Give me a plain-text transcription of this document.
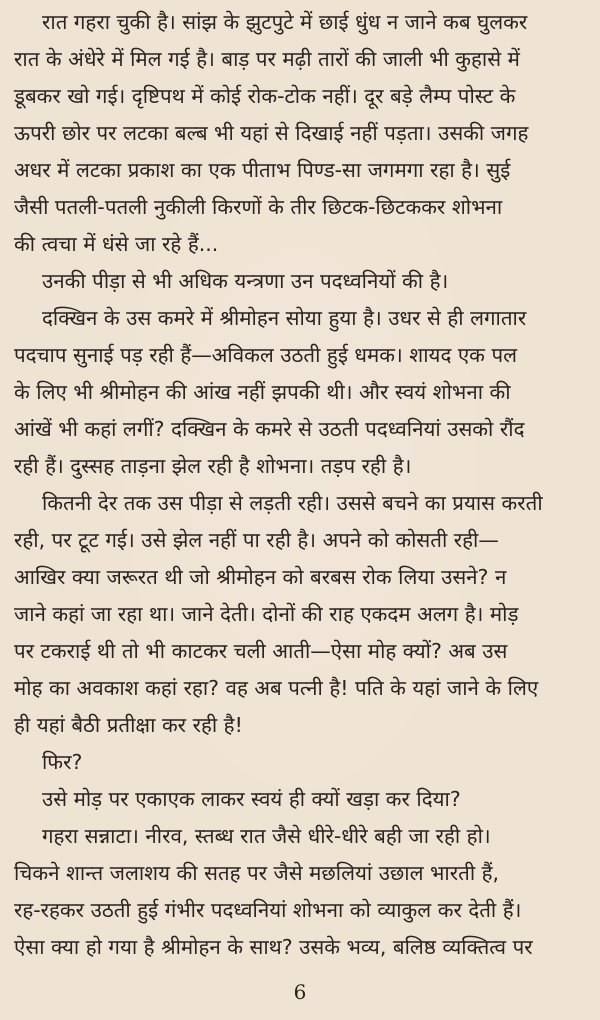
रात गहरा चुकी है। सांझ के झुटपुटे में छाई धुंध न जाने कब घुलकर
रात के अंधेरे में मिल गई है। बाड़ पर मढ़ी तारों की जाली भी कुहासे में
डूबकर खो गई। दृष्टिपथ में कोई रोक-टोक नहीं। दूर बड़े लैम्प पोस्ट के
ऊपरी छोर पर लटका बल्ब भी यहां से दिखाई नहीं पड़ता। उसकी जगह
अधर में लटका प्रकाश का एक पीताभ पिण्ड-सा जगमगा रहा है। सुई
जैसी पतली-पतली नुकीली किरणों के तीर छिटक-छिटककर शोभना
की त्वचा में धंसे जा रहे हैं...
उनकी पीड़ा से भी अधिक यन्त्रणा उन पदध्वनियों की है।
दक्खिन के उस कमरे में श्रीमोहन सोया हुया है। उधर से ही लगातार
पदचाप सुनाई पड़ रही हैं—अविकल उठती हुई धमक। शायद एक पल
के लिए भी श्रीमोहन की आंख नहीं झपकी थी। और स्वयं शोभना की
आंखें भी कहां लगीं? दक्खिन के कमरे से उठती पदध्वनियां उसको रौंद
रही हैं। दुस्सह ताड़ना झेल रही है शोभना। तड़प रही है।
कितनी देर तक उस पीड़ा से लड़ती रही। उससे बचने का प्रयास करती
रही, पर टूट गई। उसे झेल नहीं पा रही है। अपने को कोसती रही—
आखिर क्या जरूरत थी जो श्रीमोहन को बरबस रोक लिया उसने? न
जाने कहां जा रहा था। जाने देती। दोनों की राह एकदम अलग है। मोड़
पर टकराई थी तो भी काटकर चली आती—ऐसा मोह क्यों? अब उस
मोह का अवकाश कहां रहा? वह अब पत्नी है! पति के यहां जाने के लिए
ही यहां बैठी प्रतीक्षा कर रही है!
फिर?
उसे मोड़ पर एकाएक लाकर स्वयं ही क्यों खड़ा कर दिया?
गहरा सन्नाटा। नीरव, स्तब्ध रात जैसे धीरे-धीरे बही जा रही हो।
चिकने शान्त जलाशय की सतह पर जैसे मछलियां उछाल भारती हैं,
रह-रहकर उठती हुई गंभीर पदध्वनियां शोभना को व्याकुल कर देती हैं।
ऐसा क्या हो गया है श्रीमोहन के साथ? उसके भव्य, बलिष्ठ व्यक्तित्व पर
6
